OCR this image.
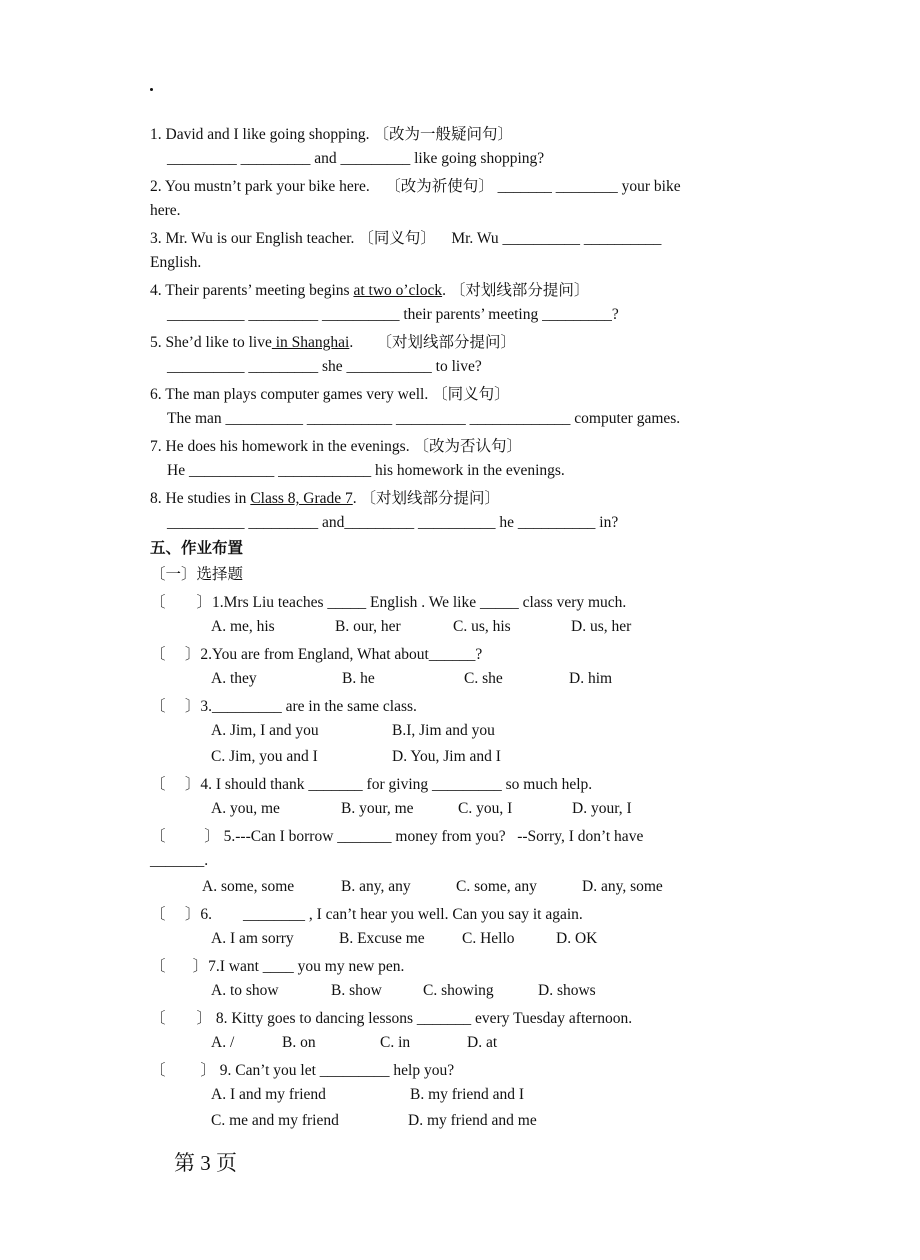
1. David and I like going shopping. 〔改为一般疑问句〕
_________ _________ and _________ like going shopping?
2. You mustn’t park your bike here.    〔改为祈使句〕 _______ ________ your bike
here.
3. Mr. Wu is our English teacher. 〔同义句〕    Mr. Wu __________ __________
English.
4. Their parents’ meeting begins at two o’clock. 〔对划线部分提问〕
__________ _________ __________ their parents’ meeting _________?
5. She’d like to live in Shanghai.      〔对划线部分提问〕
__________ _________ she ___________ to live?
6. The man plays computer games very well. 〔同义句〕
The man __________ ___________ _________ _____________ computer games.
7. He does his homework in the evenings. 〔改为否认句〕
He ___________ ____________ his homework in the evenings.
8. He studies in Class 8, Grade 7. 〔对划线部分提问〕
__________ _________ and_________ __________ he __________ in?
五、作业布置
〔一〕选择题
〔        〕1.Mrs Liu teaches _____ English . We like _____ class very much.
A. me, his	B. our, her	C. us, his	D. us, her
〔     〕2.You are from England, What about______?
A. they	B. he	C. she	D. him
〔     〕3._________ are in the same class.
A. Jim, I and you	B.I, Jim and you
C. Jim, you and I	D. You, Jim and I
〔     〕4. I should thank _______ for giving _________ so much help.
A. you, me	B. your, me	C. you, I	D. your, I
〔          〕 5.---Can I borrow _______ money from you?   --Sorry, I don’t have
_______.
A. some, some	B. any, any	C. some, any	D. any, some
〔     〕6.        ________ , I can’t hear you well. Can you say it again.
A. I am sorry	B. Excuse me C. Hello	D. OK
〔       〕7.I want ____ you my new pen.
A. to show	B. show	C. showing	D. shows
〔        〕 8. Kitty goes to dancing lessons _______ every Tuesday afternoon.
A. /	B. on	C. in	D. at
〔         〕 9. Can’t you let _________ help you?
A. I and my friend	B. my friend and I
C. me and my friend	D. my friend and me
第 3 页
